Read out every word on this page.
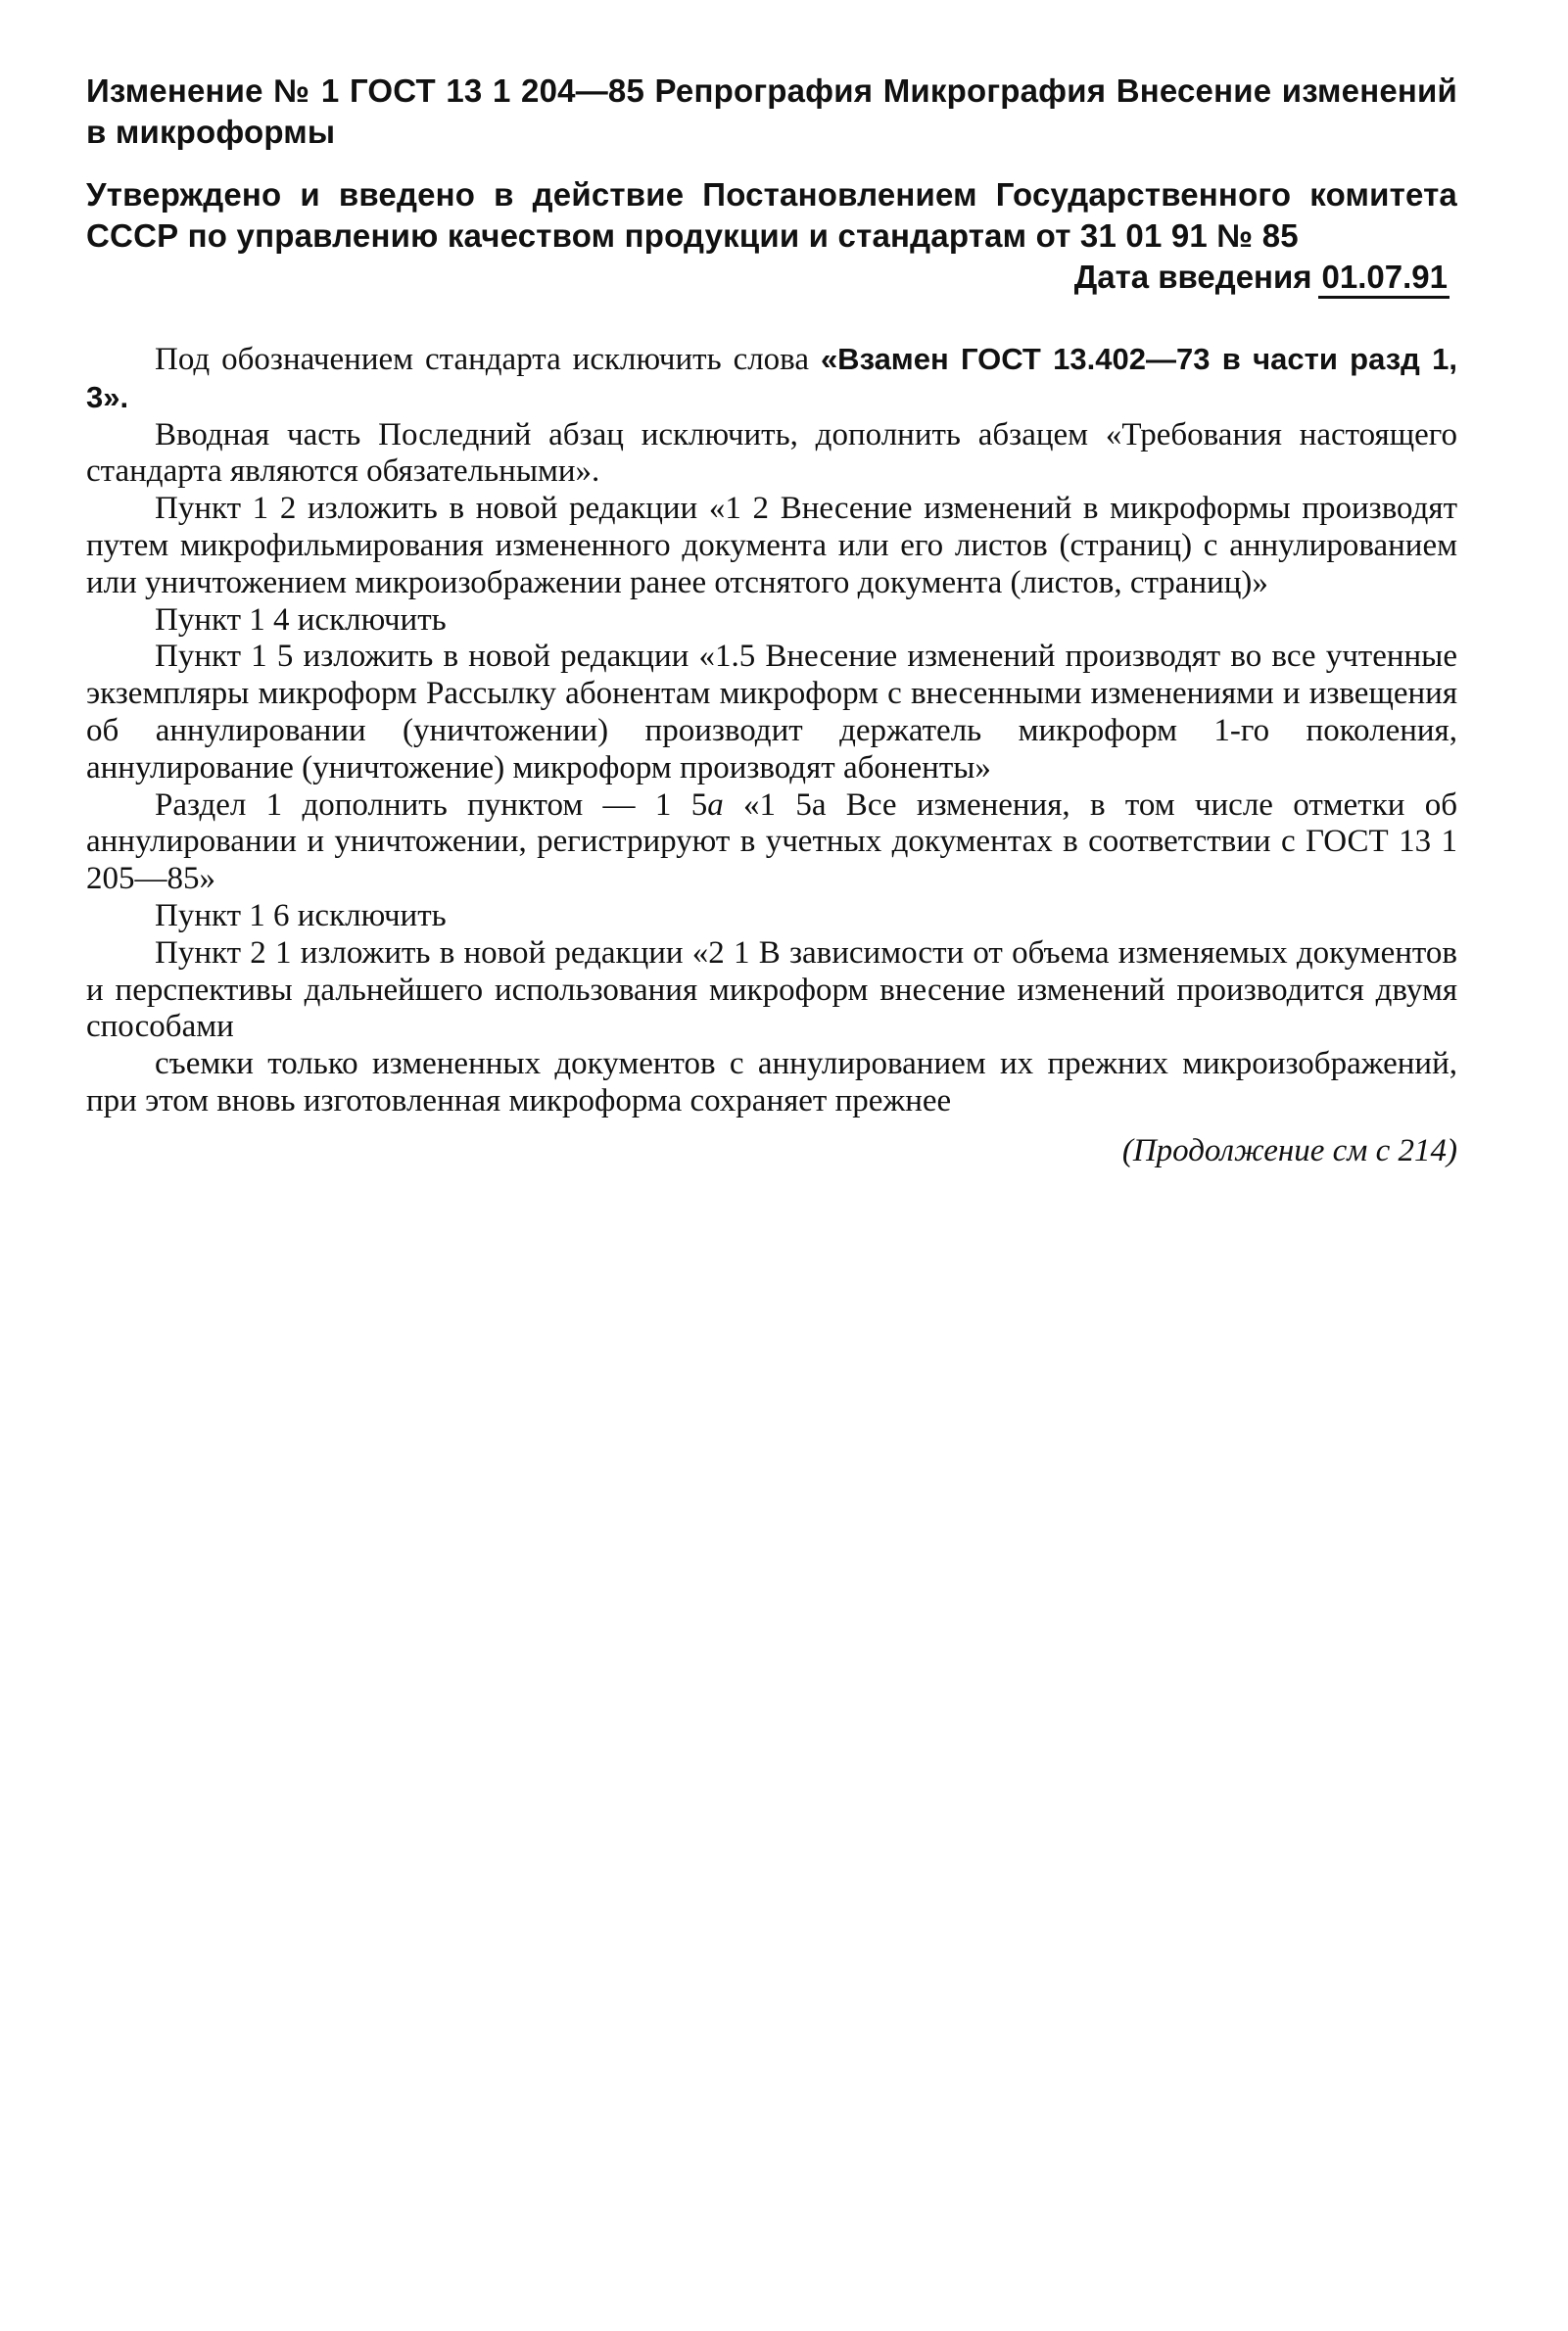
Изменение № 1 ГОСТ 13 1 204—85 Репрография Микрография Внесение изменений в микроформы

Утверждено и введено в действие Постановлением Государственного комитета СССР по управлению качеством продукции и стандартам от 31 01 91 № 85

Дата введения 01.07.91

Под обозначением стандарта исключить слова «Взамен ГОСТ 13.402—73 в части разд 1, 3».

Вводная часть Последний абзац исключить, дополнить абзацем «Требования настоящего стандарта являются обязательными».

Пункт 1 2 изложить в новой редакции «1 2 Внесение изменений в микроформы производят путем микрофильмирования измененного документа или его листов (страниц) с аннулированием или уничтожением микроизображении ранее отснятого документа (листов, страниц)»

Пункт 1 4 исключить

Пункт 1 5 изложить в новой редакции «1.5 Внесение изменений производят во все учтенные экземпляры микроформ Рассылку абонентам микроформ с внесенными изменениями и извещения об аннулировании (уничтожении) производит держатель микроформ 1-го поколения, аннулирование (уничтожение) микроформ производят абоненты»

Раздел 1 дополнить пунктом — 1 5а «1 5а Все изменения, в том числе отметки об аннулировании и уничтожении, регистрируют в учетных документах в соответствии с ГОСТ 13 1 205—85»

Пункт 1 6 исключить

Пункт 2 1 изложить в новой редакции «2 1 В зависимости от объема изменяемых документов и перспективы дальнейшего использования микроформ внесение изменений производится двумя способами

съемки только измененных документов с аннулированием их прежних микроизображений, при этом вновь изготовленная микроформа сохраняет прежнее

(Продолжение см с 214)
